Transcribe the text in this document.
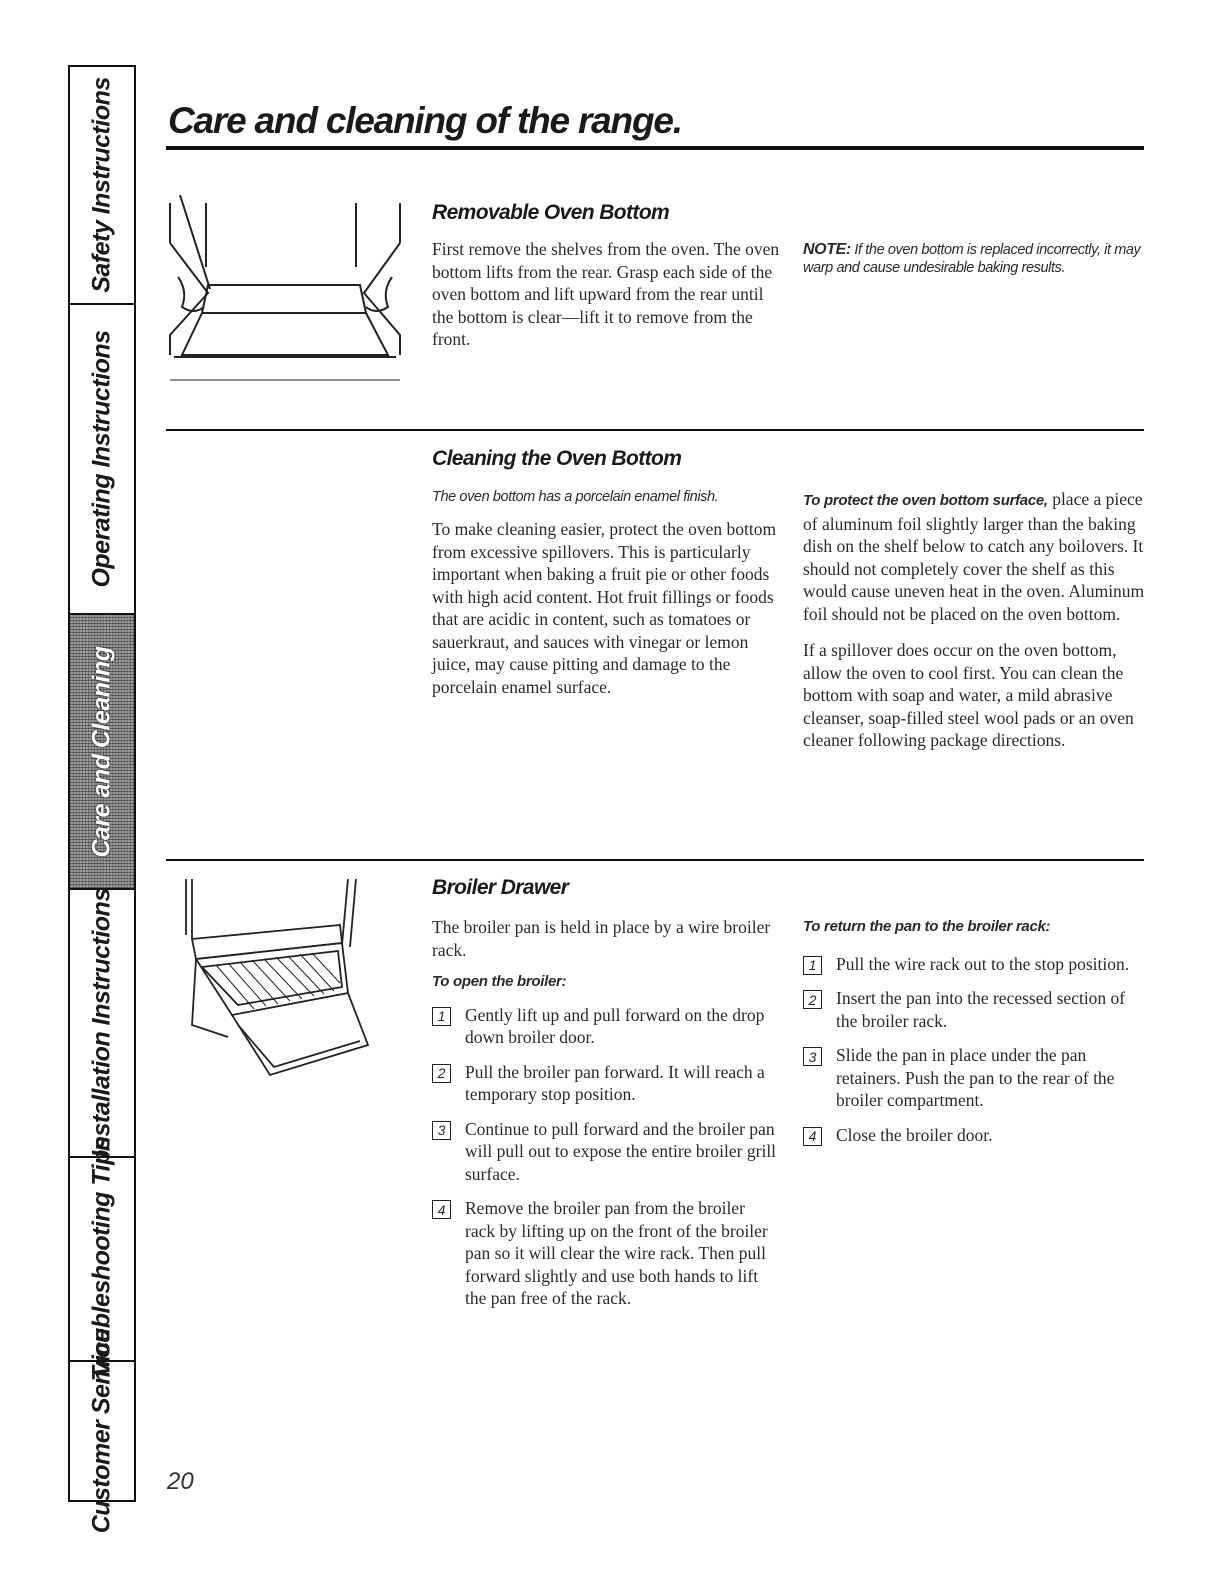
Safety Instructions
Operating Instructions
Care and Cleaning
Installation Instructions
Troubleshooting Tips
Customer Service
Care and cleaning of the range.
Removable Oven Bottom

First remove the shelves from the oven. The oven bottom lifts from the rear. Grasp each side of the oven bottom and lift upward from the rear until the bottom is clear—lift it to remove from the front.

NOTE: If the oven bottom is replaced incorrectly, it may warp and cause undesirable baking results.
Cleaning the Oven Bottom

The oven bottom has a porcelain enamel finish.

To make cleaning easier, protect the oven bottom from excessive spillovers. This is particularly important when baking a fruit pie or other foods with high acid content. Hot fruit fillings or foods that are acidic in content, such as tomatoes or sauerkraut, and sauces with vinegar or lemon juice, may cause pitting and damage to the porcelain enamel surface.

To protect the oven bottom surface, place a piece of aluminum foil slightly larger than the baking dish on the shelf below to catch any boilovers. It should not completely cover the shelf as this would cause uneven heat in the oven. Aluminum foil should not be placed on the oven bottom.

If a spillover does occur on the oven bottom, allow the oven to cool first. You can clean the bottom with soap and water, a mild abrasive cleanser, soap-filled steel wool pads or an oven cleaner following package directions.

Broiler Drawer

The broiler pan is held in place by a wire broiler rack.

To open the broiler:

1	Gently lift up and pull forward on the drop down broiler door.
2	Pull the broiler pan forward. It will reach a temporary stop position.
3	Continue to pull forward and the broiler pan will pull out to expose the entire broiler grill surface.
4	Remove the broiler pan from the broiler rack by lifting up on the front of the broiler pan so it will clear the wire rack. Then pull forward slightly and use both hands to lift the pan free of the rack.

To return the pan to the broiler rack:

1	Pull the wire rack out to the stop position.
2	Insert the pan into the recessed section of the broiler rack.
3	Slide the pan in place under the pan retainers. Push the pan to the rear of the broiler compartment.
4	Close the broiler door.
20
